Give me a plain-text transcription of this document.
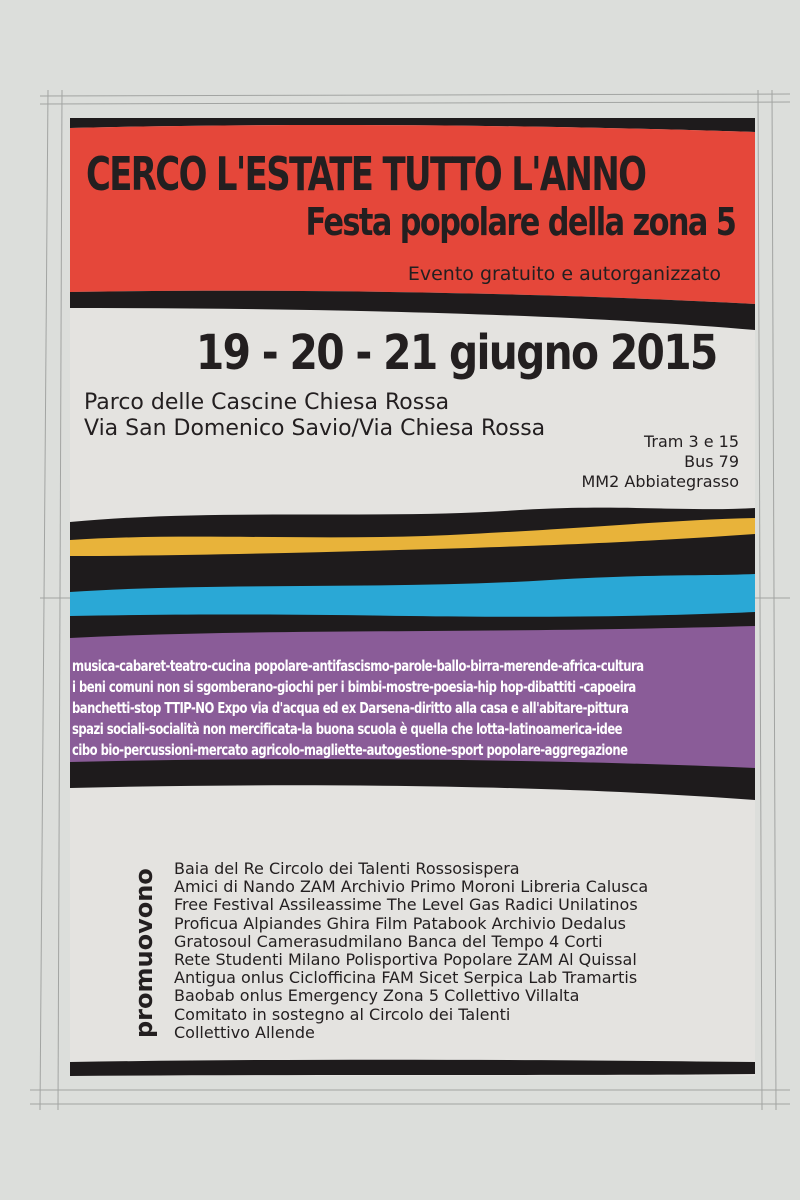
CERCO L'ESTATE TUTTO L'ANNO

Festa popolare della zona 5

Evento gratuito e autorganizzato

19 - 20 - 21 giugno 2015

Parco delle Cascine Chiesa Rossa
Via San Domenico Savio/Via Chiesa Rossa
Tram 3 e 15
Bus 79
MM2 Abbiategrasso
musica-cabaret-teatro-cucina popolare-antifascismo-parole-ballo-birra-merende-africa-cultura
i beni comuni non si sgomberano-giochi per i bimbi-mostre-poesia-hip hop-dibattiti -capoeira
banchetti-stop TTIP-NO Expo via d'acqua ed ex Darsena-diritto alla casa e all'abitare-pittura
spazi sociali-socialità non mercificata-la buona scuola è quella che lotta-latinoamerica-idee
cibo bio-percussioni-mercato agricolo-magliette-autogestione-sport popolare-aggregazione
promuovono Baia del Re Circolo dei Talenti Rossosispera
Amici di Nando ZAM Archivio Primo Moroni Libreria Calusca
Free Festival Assileassime The Level Gas Radici Unilatinos
Proficua Alpiandes Ghira Film Patabook Archivio Dedalus
Gratosoul Camerasudmilano Banca del Tempo 4 Corti
Rete Studenti Milano Polisportiva Popolare ZAM Al Quissal
Antigua onlus Ciclofficina FAM Sicet Serpica Lab Tramartis
Baobab onlus Emergency Zona 5 Collettivo Villalta
Comitato in sostegno al Circolo dei Talenti
Collettivo Allende
